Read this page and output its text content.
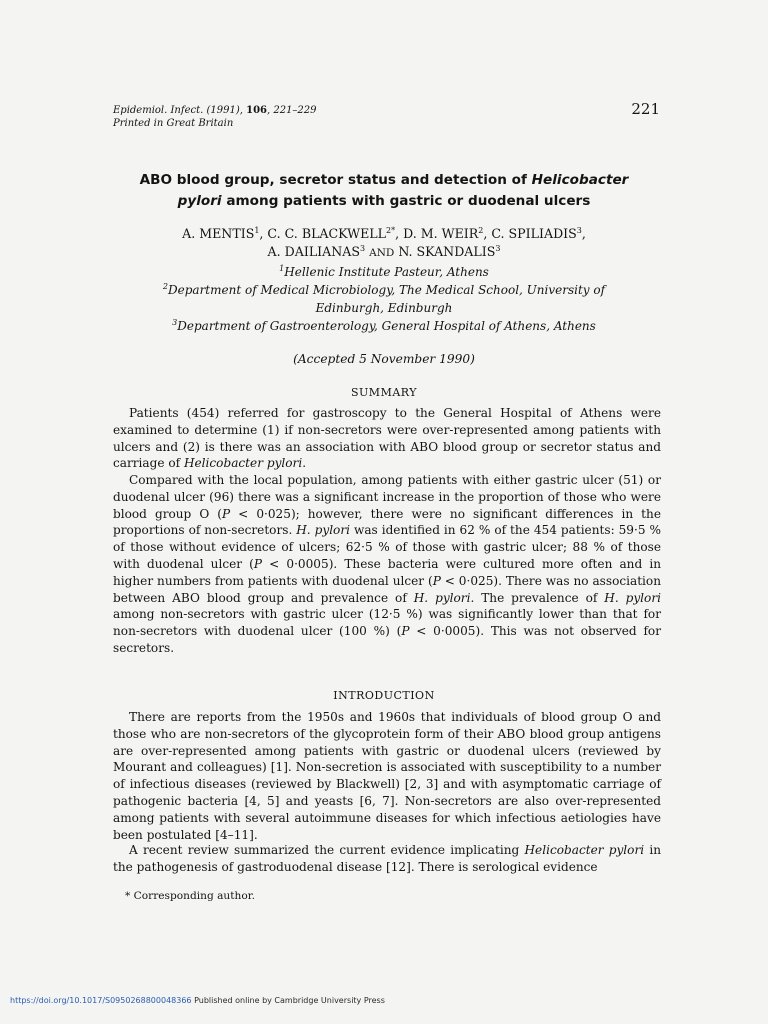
Epidemiol. Infect. (1991), 106, 221–229
Printed in Great Britain
221
ABO blood group, secretor status and detection of Helicobacter
pylori among patients with gastric or duodenal ulcers
A. MENTIS$^1$, C. C. $BLACKWELL^{2*}$, D. M. WEIR$^2$, C. SPILIADIS$^3$,
A. DAILIANAS$^3$ AND N. SKANDALIS$^3$
$^1$Hellenic Institute Pasteur, Athens
$^2$Department of Medical Microbiology, The Medical School, University of
Edinburgh, Edinburgh
$^3$Department of Gastroenterology, General Hospital of Athens, Athens
(Accepted 5 November 1990)
SUMMARY

Patients (454) referred for gastroscopy to the General Hospital of Athens were examined to determine (1) if non-secretors were over-represented among patients with ulcers and (2) is there was an association with ABO blood group or secretor status and carriage of Helicobacter pylori.

Compared with the local population, among patients with either gastric ulcer (51) or duodenal ulcer (96) there was a significant increase in the proportion of those who were blood group O (P < 0·025); however, there were no significant differences in the proportions of non-secretors. H. pylori was identified in 62 % of the 454 patients: 59·5 % of those without evidence of ulcers; 62·5 % of those with gastric ulcer; 88 % of those with duodenal ulcer (P < 0·0005). These bacteria were cultured more often and in higher numbers from patients with duodenal ulcer (P < 0·025). There was no association between ABO blood group and prevalence of H. pylori. The prevalence of H. pylori among non-secretors with gastric ulcer (12·5 %) was significantly lower than that for non-secretors with duodenal ulcer (100 %) (P < 0·0005). This was not observed for secretors.

INTRODUCTION

There are reports from the 1950s and 1960s that individuals of blood group O and those who are non-secretors of the glycoprotein form of their ABO blood group antigens are over-represented among patients with gastric or duodenal ulcers (reviewed by Mourant and colleagues) [1]. Non-secretion is associated with susceptibility to a number of infectious diseases (reviewed by Blackwell) [2, 3] and with asymptomatic carriage of pathogenic bacteria [4, 5] and yeasts [6, 7]. Non-secretors are also over-represented among patients with several autoimmune diseases for which infectious aetiologies have been postulated [4–11].

A recent review summarized the current evidence implicating Helicobacter pylori in the pathogenesis of gastroduodenal disease [12]. There is serological evidence

* Corresponding author.
https://doi.org/10.1017/S0950268800048366 Published online by Cambridge University Press
